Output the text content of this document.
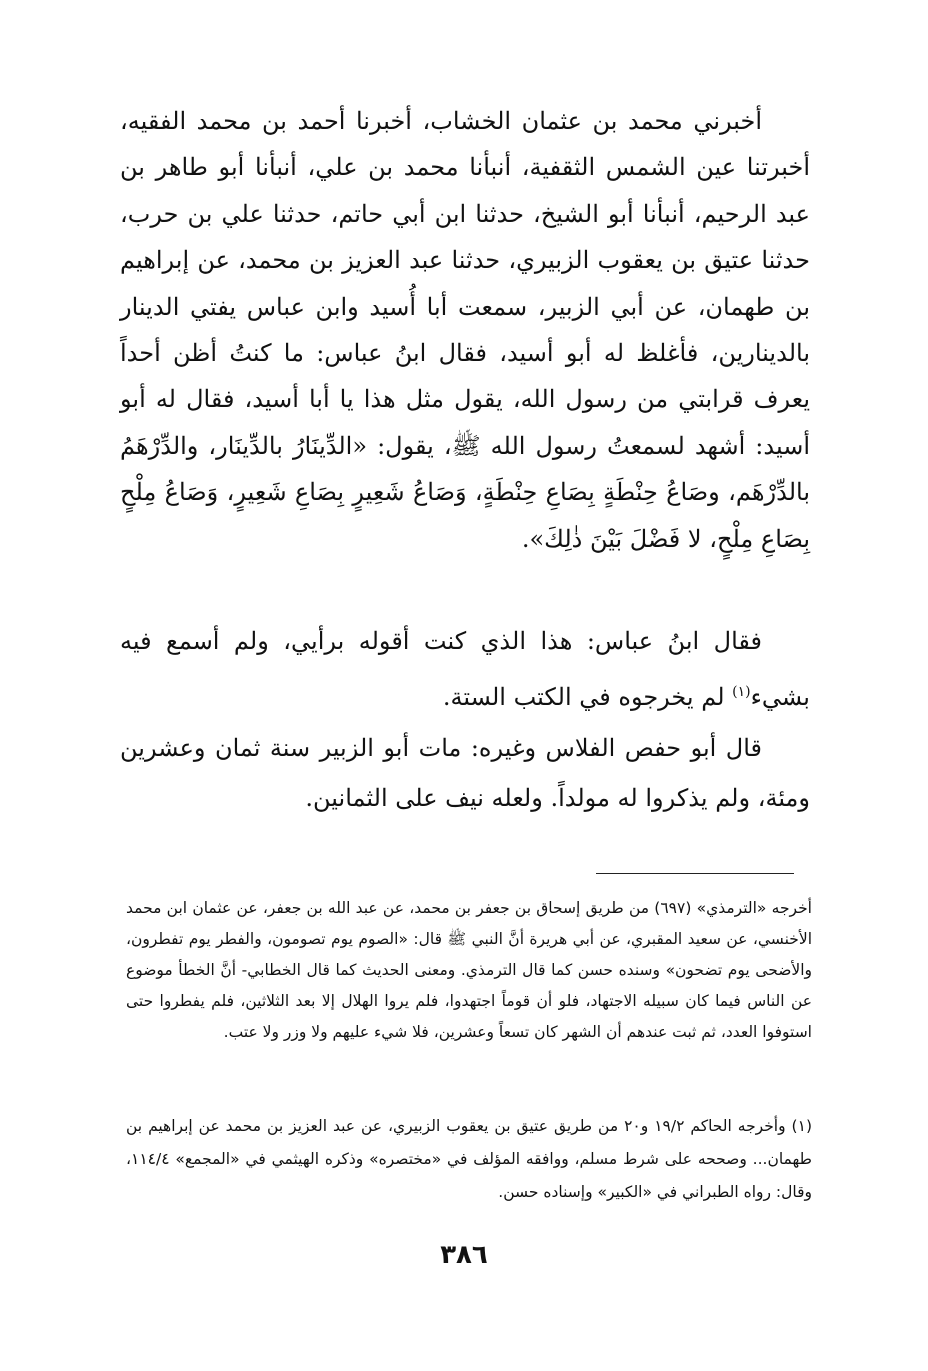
أخبرني محمد بن عثمان الخشاب، أخبرنا أحمد بن محمد الفقيه، أخبرتنا عين الشمس الثقفية، أنبأنا محمد بن علي، أنبأنا أبو طاهر بن عبد الرحيم، أنبأنا أبو الشيخ، حدثنا ابن أبي حاتم، حدثنا علي بن حرب، حدثنا عتيق بن يعقوب الزبيري، حدثنا عبد العزيز بن محمد، عن إبراهيم بن طهمان، عن أبي الزبير، سمعت أبا أُسيد وابن عباس يفتي الدينار بالدينارين، فأغلظ له أبو أسيد، فقال ابنُ عباس: ما كنتُ أظن أحداً يعرف قرابتي من رسول الله، يقول مثل هذا يا أبا أسيد، فقال له أبو أسيد: أشهد لسمعتُ رسول الله ﷺ، يقول: «الدِّينَارُ بالدِّينَار، والدِّرْهَمُ بالدِّرْهَم، وصَاعُ حِنْطَةٍ بِصَاعِ حِنْطَةٍ، وَصَاعُ شَعِيرٍ بِصَاعِ شَعِيرٍ، وَصَاعُ مِلْحٍ بِصَاعِ مِلْحٍ، لا فَضْلَ بَيْنَ ذٰلِكَ».

فقال ابنُ عباس: هذا الذي كنت أقوله برأيي، ولم أسمع فيه بشيء$^{(١)}$ لم يخرجوه في الكتب الستة.

قال أبو حفص الفلاس وغيره: مات أبو الزبير سنة ثمان وعشرين ومئة، ولم يذكروا له مولداً. ولعله نيف على الثمانين.

أخرجه «الترمذي» (٦٩٧) من طريق إسحاق بن جعفر بن محمد، عن عبد الله بن جعفر، عن عثمان ابن محمد الأخنسي، عن سعيد المقبري، عن أبي هريرة أنَّ النبي ﷺ قال: «الصوم يوم تصومون، والفطر يوم تفطرون، والأضحى يوم تضحون» وسنده حسن كما قال الترمذي. ومعنى الحديث كما قال الخطابي- أنَّ الخطأ موضوع عن الناس فيما كان سبيله الاجتهاد، فلو أن قوماً اجتهدوا، فلم يروا الهلال إلا بعد الثلاثين، فلم يفطروا حتى استوفوا العدد، ثم ثبت عندهم أن الشهر كان تسعاً وعشرين، فلا شيء عليهم ولا وزر ولا عتب.

(١) وأخرجه الحاكم ١٩/٢ و٢٠ من طريق عتيق بن يعقوب الزبيري، عن عبد العزيز بن محمد عن إبراهيم بن طهمان... وصححه على شرط مسلم، ووافقه المؤلف في «مختصره» وذكره الهيثمي في «المجمع» ١١٤/٤، وقال: رواه الطبراني في «الكبير» وإسناده حسن.

٣٨٦
